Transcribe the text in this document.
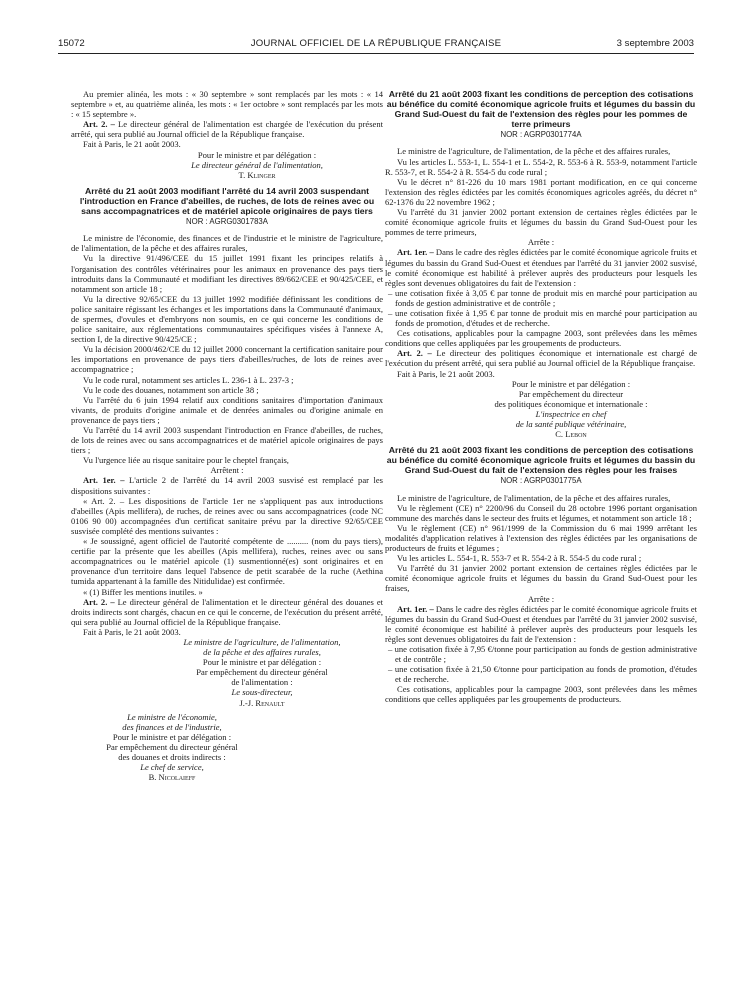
15072	JOURNAL OFFICIEL DE LA RÉPUBLIQUE FRANÇAISE	3 septembre 2003

Au premier alinéa, les mots : « 30 septembre » sont remplacés par les mots : « 14 septembre » et, au quatrième alinéa, les mots : « 1er octobre » sont remplacés par les mots : « 15 septembre ».

Art. 2. – Le directeur général de l'alimentation est chargée de l'exécution du présent arrêté, qui sera publié au Journal officiel de la République française.

Fait à Paris, le 21 août 2003.

Pour le ministre et par délégation :
Le directeur général de l'alimentation,
T. Klinger
Arrêté du 21 août 2003 modifiant l'arrêté du 14 avril 2003 suspendant l'introduction en France d'abeilles, de ruches, de lots de reines avec ou sans accompagnatrices et de matériel apicole originaires de pays tiers
NOR : AGRG0301783A

Le ministre de l'économie, des finances et de l'industrie et le ministre de l'agriculture, de l'alimentation, de la pêche et des affaires rurales,

Vu la directive 91/496/CEE du 15 juillet 1991 fixant les principes relatifs à l'organisation des contrôles vétérinaires pour les animaux en provenance des pays tiers introduits dans la Communauté et modifiant les directives 89/662/CEE et 90/425/CEE, et notamment son article 18 ;

Vu la directive 92/65/CEE du 13 juillet 1992 modifiée définissant les conditions de police sanitaire régissant les échanges et les importations dans la Communauté d'animaux, de spermes, d'ovules et d'embryons non soumis, en ce qui concerne les conditions de police sanitaire, aux réglementations communautaires spécifiques visées à l'annexe A, section I, de la directive 90/425/CE ;

Vu la décision 2000/462/CE du 12 juillet 2000 concernant la certification sanitaire pour les importations en provenance de pays tiers d'abeilles/ruches, de lots de reines avec accompagnatrice ;

Vu le code rural, notamment ses articles L. 236-1 à L. 237-3 ;

Vu le code des douanes, notamment son article 38 ;

Vu l'arrêté du 6 juin 1994 relatif aux conditions sanitaires d'importation d'animaux vivants, de produits d'origine animale et de denrées animales ou d'origine animale en provenance de pays tiers ;

Vu l'arrêté du 14 avril 2003 suspendant l'introduction en France d'abeilles, de ruches, de lots de reines avec ou sans accompagnatrices et de matériel apicole originaires de pays tiers ;

Vu l'urgence liée au risque sanitaire pour le cheptel français,

Arrêtent :

Art. 1er. – L'article 2 de l'arrêté du 14 avril 2003 susvisé est remplacé par les dispositions suivantes :

« Art. 2. – Les dispositions de l'article 1er ne s'appliquent pas aux introductions d'abeilles (Apis mellifera), de ruches, de reines avec ou sans accompagnatrices (code NC 0106 90 00) accompagnées d'un certificat sanitaire prévu par la directive 92/65/CEE susvisée complété des mentions suivantes :

« Je soussigné, agent officiel de l'autorité compétente de .......... (nom du pays tiers), certifie par la présente que les abeilles (Apis mellifera), ruches, reines avec ou sans accompagnatrices ou le matériel apicole (1) susmentionné(es) sont originaires et en provenance d'un territoire dans lequel l'absence de petit scarabée de la ruche (Aethina tumida appartenant à la famille des Nitidulidae) est confirmée.

« (1) Biffer les mentions inutiles. »

Art. 2. – Le directeur général de l'alimentation et le directeur général des douanes et droits indirects sont chargés, chacun en ce qui le concerne, de l'exécution du présent arrêté, qui sera publié au Journal officiel de la République française.

Fait à Paris, le 21 août 2003.

Le ministre de l'agriculture, de l'alimentation,
de la pêche et des affaires rurales,
Pour le ministre et par délégation :
Par empêchement du directeur général
de l'alimentation :
Le sous-directeur,
J.-J. Renault
Le ministre de l'économie,
des finances et de l'industrie,
Pour le ministre et par délégation :
Par empêchement du directeur général
des douanes et droits indirects :
Le chef de service,
B. Nicolaieff
Arrêté du 21 août 2003 fixant les conditions de perception des cotisations au bénéfice du comité économique agricole fruits et légumes du bassin du Grand Sud-Ouest du fait de l'extension des règles pour les pommes de terre primeurs
NOR : AGRP0301774A

Le ministre de l'agriculture, de l'alimentation, de la pêche et des affaires rurales,

Vu les articles L. 553-1, L. 554-1 et L. 554-2, R. 553-6 à R. 553-9, notamment l'article R. 553-7, et R. 554-2 à R. 554-5 du code rural ;

Vu le décret n° 81-226 du 10 mars 1981 portant modification, en ce qui concerne l'extension des règles édictées par les comités économiques agricoles agréés, du décret n° 62-1376 du 22 novembre 1962 ;

Vu l'arrêté du 31 janvier 2002 portant extension de certaines règles édictées par le comité économique agricole fruits et légumes du bassin du Grand Sud-Ouest pour les pommes de terre primeurs,

Arrête :

Art. 1er. – Dans le cadre des règles édictées par le comité économique agricole fruits et légumes du bassin du Grand Sud-Ouest et étendues par l'arrêté du 31 janvier 2002 susvisé, le comité économique est habilité à prélever auprès des producteurs pour lesquels les règles sont devenues obligatoires du fait de l'extension :

– une cotisation fixée à 3,05 € par tonne de produit mis en marché pour participation au fonds de gestion administrative et de contrôle ;
– une cotisation fixée à 1,95 € par tonne de produit mis en marché pour participation au fonds de promotion, d'études et de recherche.

Ces cotisations, applicables pour la campagne 2003, sont prélevées dans les mêmes conditions que celles appliquées par les groupements de producteurs.

Art. 2. – Le directeur des politiques économique et internationale est chargé de l'exécution du présent arrêté, qui sera publié au Journal officiel de la République française.

Fait à Paris, le 21 août 2003.

Pour le ministre et par délégation :
Par empêchement du directeur
des politiques économique et internationale :
L'inspectrice en chef
de la santé publique vétérinaire,
C. Lebon
Arrêté du 21 août 2003 fixant les conditions de perception des cotisations au bénéfice du comité économique agricole fruits et légumes du bassin du Grand Sud-Ouest du fait de l'extension des règles pour les fraises
NOR : AGRP0301775A

Le ministre de l'agriculture, de l'alimentation, de la pêche et des affaires rurales,

Vu le règlement (CE) n° 2200/96 du Conseil du 28 octobre 1996 portant organisation commune des marchés dans le secteur des fruits et légumes, et notamment son article 18 ;

Vu le règlement (CE) n° 961/1999 de la Commission du 6 mai 1999 arrêtant les modalités d'application relatives à l'extension des règles édictées par les organisations de producteurs de fruits et légumes ;

Vu les articles L. 554-1, R. 553-7 et R. 554-2 à R. 554-5 du code rural ;

Vu l'arrêté du 31 janvier 2002 portant extension de certaines règles édictées par le comité économique agricole fruits et légumes du bassin du Grand Sud-Ouest pour les fraises,

Arrête :

Art. 1er. – Dans le cadre des règles édictées par le comité économique agricole fruits et légumes du bassin du Grand Sud-Ouest et étendues par l'arrêté du 31 janvier 2002 susvisé, le comité économique est habilité à prélever auprès des producteurs pour lesquels les règles sont devenues obligatoires du fait de l'extension :

– une cotisation fixée à 7,95 €/tonne pour participation au fonds de gestion administrative et de contrôle ;
– une cotisation fixée à 21,50 €/tonne pour participation au fonds de promotion, d'études et de recherche.

Ces cotisations, applicables pour la campagne 2003, sont prélevées dans les mêmes conditions que celles appliquées par les groupements de producteurs.
